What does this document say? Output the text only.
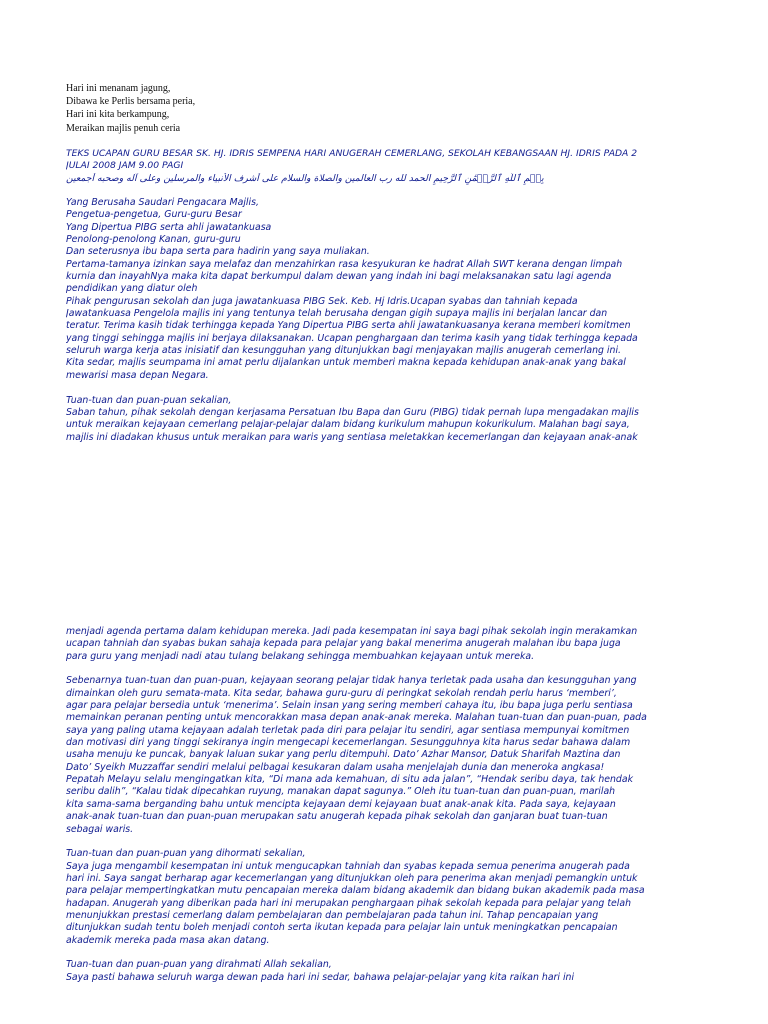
Hari ini menanam jagung,
Dibawa ke Perlis bersama peria,
Hari ini kita berkampung,
Meraikan majlis penuh ceria
TEKS UCAPAN GURU BESAR SK. HJ. IDRIS SEMPENA HARI ANUGERAH CEMERLANG, SEKOLAH KEBANGSAAN HJ. IDRIS PADA 2
JULAI 2008 JAM 9.00 PAGI
بِسۡمِ ٱللَّهِ ٱلرَّحۡمَٰنِ ٱلرَّحِيمِ الحمد لله رب العالمين والصلاة والسلام على أشرف الأنبياء والمرسلين وعلى آله وصحبه أجمعين
Yang Berusaha Saudari Pengacara Majlis,
Pengetua-pengetua, Guru-guru Besar
Yang Dipertua PIBG serta ahli jawatankuasa
Penolong-penolong Kanan, guru-guru
Dan seterusnya ibu bapa serta para hadirin yang saya muliakan.
Pertama-tamanya izinkan saya melafaz dan menzahirkan rasa kesyukuran ke hadrat Allah SWT kerana dengan limpah
kurnia dan inayahNya maka kita dapat berkumpul dalam dewan yang indah ini bagi melaksanakan satu lagi agenda
pendidikan yang diatur oleh
Pihak pengurusan sekolah dan juga jawatankuasa PIBG Sek. Keb. Hj Idris.Ucapan syabas dan tahniah kepada
Jawatankuasa Pengelola majlis ini yang tentunya telah berusaha dengan gigih supaya majlis ini berjalan lancar dan
teratur. Terima kasih tidak terhingga kepada Yang Dipertua PIBG serta ahli jawatankuasanya kerana memberi komitmen
yang tinggi sehingga majlis ini berjaya dilaksanakan. Ucapan penghargaan dan terima kasih yang tidak terhingga kepada
seluruh warga kerja atas inisiatif dan kesungguhan yang ditunjukkan bagi menjayakan majlis anugerah cemerlang ini.
Kita sedar, majlis seumpama ini amat perlu dijalankan untuk memberi makna kepada kehidupan anak-anak yang bakal
mewarisi masa depan Negara.
Tuan-tuan dan puan-puan sekalian,
Saban tahun, pihak sekolah dengan kerjasama Persatuan Ibu Bapa dan Guru (PIBG) tidak pernah lupa mengadakan majlis
untuk meraikan kejayaan cemerlang pelajar-pelajar dalam bidang kurikulum mahupun kokurikulum. Malahan bagi saya,
majlis ini diadakan khusus untuk meraikan para waris yang sentiasa meletakkan kecemerlangan dan kejayaan anak-anak
menjadi agenda pertama dalam kehidupan mereka. Jadi pada kesempatan ini saya bagi pihak sekolah ingin merakamkan
ucapan tahniah dan syabas bukan sahaja kepada para pelajar yang bakal menerima anugerah malahan ibu bapa juga
para guru yang menjadi nadi atau tulang belakang sehingga membuahkan kejayaan untuk mereka.
Sebenarnya tuan-tuan dan puan-puan, kejayaan seorang pelajar tidak hanya terletak pada usaha dan kesungguhan yang
dimainkan oleh guru semata-mata. Kita sedar, bahawa guru-guru di peringkat sekolah rendah perlu harus ‘memberi’,
agar para pelajar bersedia untuk ‘menerima’. Selain insan yang sering memberi cahaya itu, ibu bapa juga perlu sentiasa
memainkan peranan penting untuk mencorakkan masa depan anak-anak mereka. Malahan tuan-tuan dan puan-puan, pada
saya yang paling utama kejayaan adalah terletak pada diri para pelajar itu sendiri, agar sentiasa mempunyai komitmen
dan motivasi diri yang tinggi sekiranya ingin mengecapi kecemerlangan. Sesungguhnya kita harus sedar bahawa dalam
usaha menuju ke puncak, banyak laluan sukar yang perlu ditempuhi. Dato’ Azhar Mansor, Datuk Sharifah Maztina dan
Dato’ Syeikh Muzzaffar sendiri melalui pelbagai kesukaran dalam usaha menjelajah dunia dan meneroka angkasa!
Pepatah Melayu selalu mengingatkan kita, “Di mana ada kemahuan, di situ ada jalan”, “Hendak seribu daya, tak hendak
seribu dalih”, “Kalau tidak dipecahkan ruyung, manakan dapat sagunya.” Oleh itu tuan-tuan dan puan-puan, marilah
kita sama-sama berganding bahu untuk mencipta kejayaan demi kejayaan buat anak-anak kita. Pada saya, kejayaan
anak-anak tuan-tuan dan puan-puan merupakan satu anugerah kepada pihak sekolah dan ganjaran buat tuan-tuan
sebagai waris.
Tuan-tuan dan puan-puan yang dihormati sekalian,
Saya juga mengambil kesempatan ini untuk mengucapkan tahniah dan syabas kepada semua penerima anugerah pada
hari ini. Saya sangat berharap agar kecemerlangan yang ditunjukkan oleh para penerima akan menjadi pemangkin untuk
para pelajar mempertingkatkan mutu pencapaian mereka dalam bidang akademik dan bidang bukan akademik pada masa
hadapan. Anugerah yang diberikan pada hari ini merupakan penghargaan pihak sekolah kepada para pelajar yang telah
menunjukkan prestasi cemerlang dalam pembelajaran dan pembelajaran pada tahun ini. Tahap pencapaian yang
ditunjukkan sudah tentu boleh menjadi contoh serta ikutan kepada para pelajar lain untuk meningkatkan pencapaian
akademik mereka pada masa akan datang.
Tuan-tuan dan puan-puan yang dirahmati Allah sekalian,
Saya pasti bahawa seluruh warga dewan pada hari ini sedar, bahawa pelajar-pelajar yang kita raikan hari ini
